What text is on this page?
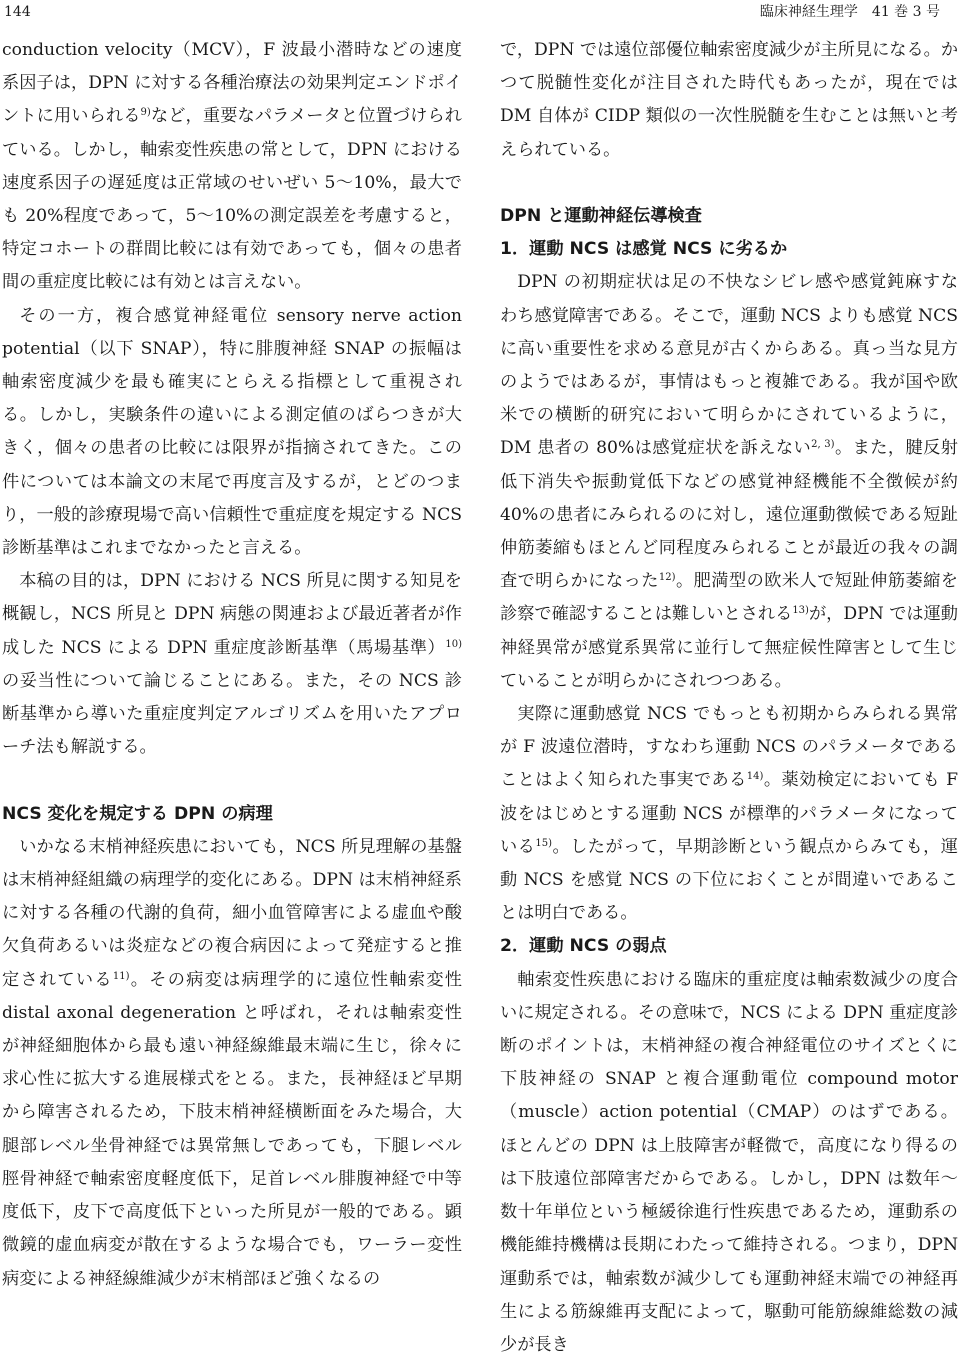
144	臨床神経生理学　41 巻 3 号

conduction velocity（MCV），F 波最小潜時などの速度系因子は，DPN に対する各種治療法の効果判定エンドポイントに用いられる$^{9)}$など，重要なパラメータと位置づけられている。しかし，軸索変性疾患の常として，DPN における速度系因子の遅延度は正常域のせいぜい 5〜10%，最大でも 20%程度であって，5〜10%の測定誤差を考慮すると，特定コホートの群間比較には有効であっても，個々の患者間の重症度比較には有効とは言えない。

その一方，複合感覚神経電位 sensory nerve action potential（以下 SNAP），特に腓腹神経 SNAP の振幅は軸索密度減少を最も確実にとらえる指標として重視される。しかし，実験条件の違いによる測定値のばらつきが大きく，個々の患者の比較には限界が指摘されてきた。この件については本論文の末尾で再度言及するが，とどのつまり，一般的診療現場で高い信頼性で重症度を規定する NCS 診断基準はこれまでなかったと言える。

本稿の目的は，DPN における NCS 所見に関する知見を概観し，NCS 所見と DPN 病態の関連および最近著者が作成した NCS による DPN 重症度診断基準（馬場基準）$^{10)}$の妥当性について論じることにある。また，その NCS 診断基準から導いた重症度判定アルゴリズムを用いたアプローチ法も解説する。

NCS 変化を規定する DPN の病理

いかなる末梢神経疾患においても，NCS 所見理解の基盤は末梢神経組織の病理学的変化にある。DPN は末梢神経系に対する各種の代謝的負荷，細小血管障害による虚血や酸欠負荷あるいは炎症などの複合病因によって発症すると推定されている$^{11)}$。その病変は病理学的に遠位性軸索変性 distal axonal degeneration と呼ばれ，それは軸索変性が神経細胞体から最も遠い神経線維最末端に生じ，徐々に求心性に拡大する進展様式をとる。また，長神経ほど早期から障害されるため，下肢末梢神経横断面をみた場合，大腿部レベル坐骨神経では異常無しであっても，下腿レベル脛骨神経で軸索密度軽度低下，足首レベル腓腹神経で中等度低下，皮下で高度低下といった所見が一般的である。顕微鏡的虚血病変が散在するような場合でも，ワーラー変性病変による神経線維減少が末梢部ほど強くなるの

で，DPN では遠位部優位軸索密度減少が主所見になる。かつて脱髄性変化が注目された時代もあったが，現在では DM 自体が CIDP 類似の一次性脱髄を生むことは無いと考えられている。

DPN と運動神経伝導検査
1．運動 NCS は感覚 NCS に劣るか

DPN の初期症状は足の不快なシビレ感や感覚鈍麻すなわち感覚障害である。そこで，運動 NCS よりも感覚 NCS に高い重要性を求める意見が古くからある。真っ当な見方のようではあるが，事情はもっと複雑である。我が国や欧米での横断的研究において明らかにされているように，DM 患者の 80%は感覚症状を訴えない$^{2, 3)}$。また，腱反射低下消失や振動覚低下などの感覚神経機能不全徴候が約 40%の患者にみられるのに対し，遠位運動徴候である短趾伸筋萎縮もほとんど同程度みられることが最近の我々の調査で明らかになった$^{12)}$。肥満型の欧米人で短趾伸筋萎縮を診察で確認することは難しいとされる$^{13)}$が，DPN では運動神経異常が感覚系異常に並行して無症候性障害として生じていることが明らかにされつつある。

実際に運動感覚 NCS でもっとも初期からみられる異常が F 波遠位潜時，すなわち運動 NCS のパラメータであることはよく知られた事実である$^{14)}$。薬効検定においても F 波をはじめとする運動 NCS が標準的パラメータになっている$^{15)}$。したがって，早期診断という観点からみても，運動 NCS を感覚 NCS の下位におくことが間違いであることは明白である。

2．運動 NCS の弱点

軸索変性疾患における臨床的重症度は軸索数減少の度合いに規定される。その意味で，NCS による DPN 重症度診断のポイントは，末梢神経の複合神経電位のサイズとくに下肢神経の SNAP と複合運動電位 compound motor（muscle）action potential（CMAP）のはずである。ほとんどの DPN は上肢障害が軽微で，高度になり得るのは下肢遠位部障害だからである。しかし，DPN は数年〜数十年単位という極緩徐進行性疾患であるため，運動系の機能維持機構は長期にわたって維持される。つまり，DPN 運動系では，軸索数が減少しても運動神経末端での神経再生による筋線維再支配によって，駆動可能筋線維総数の減少が長き
